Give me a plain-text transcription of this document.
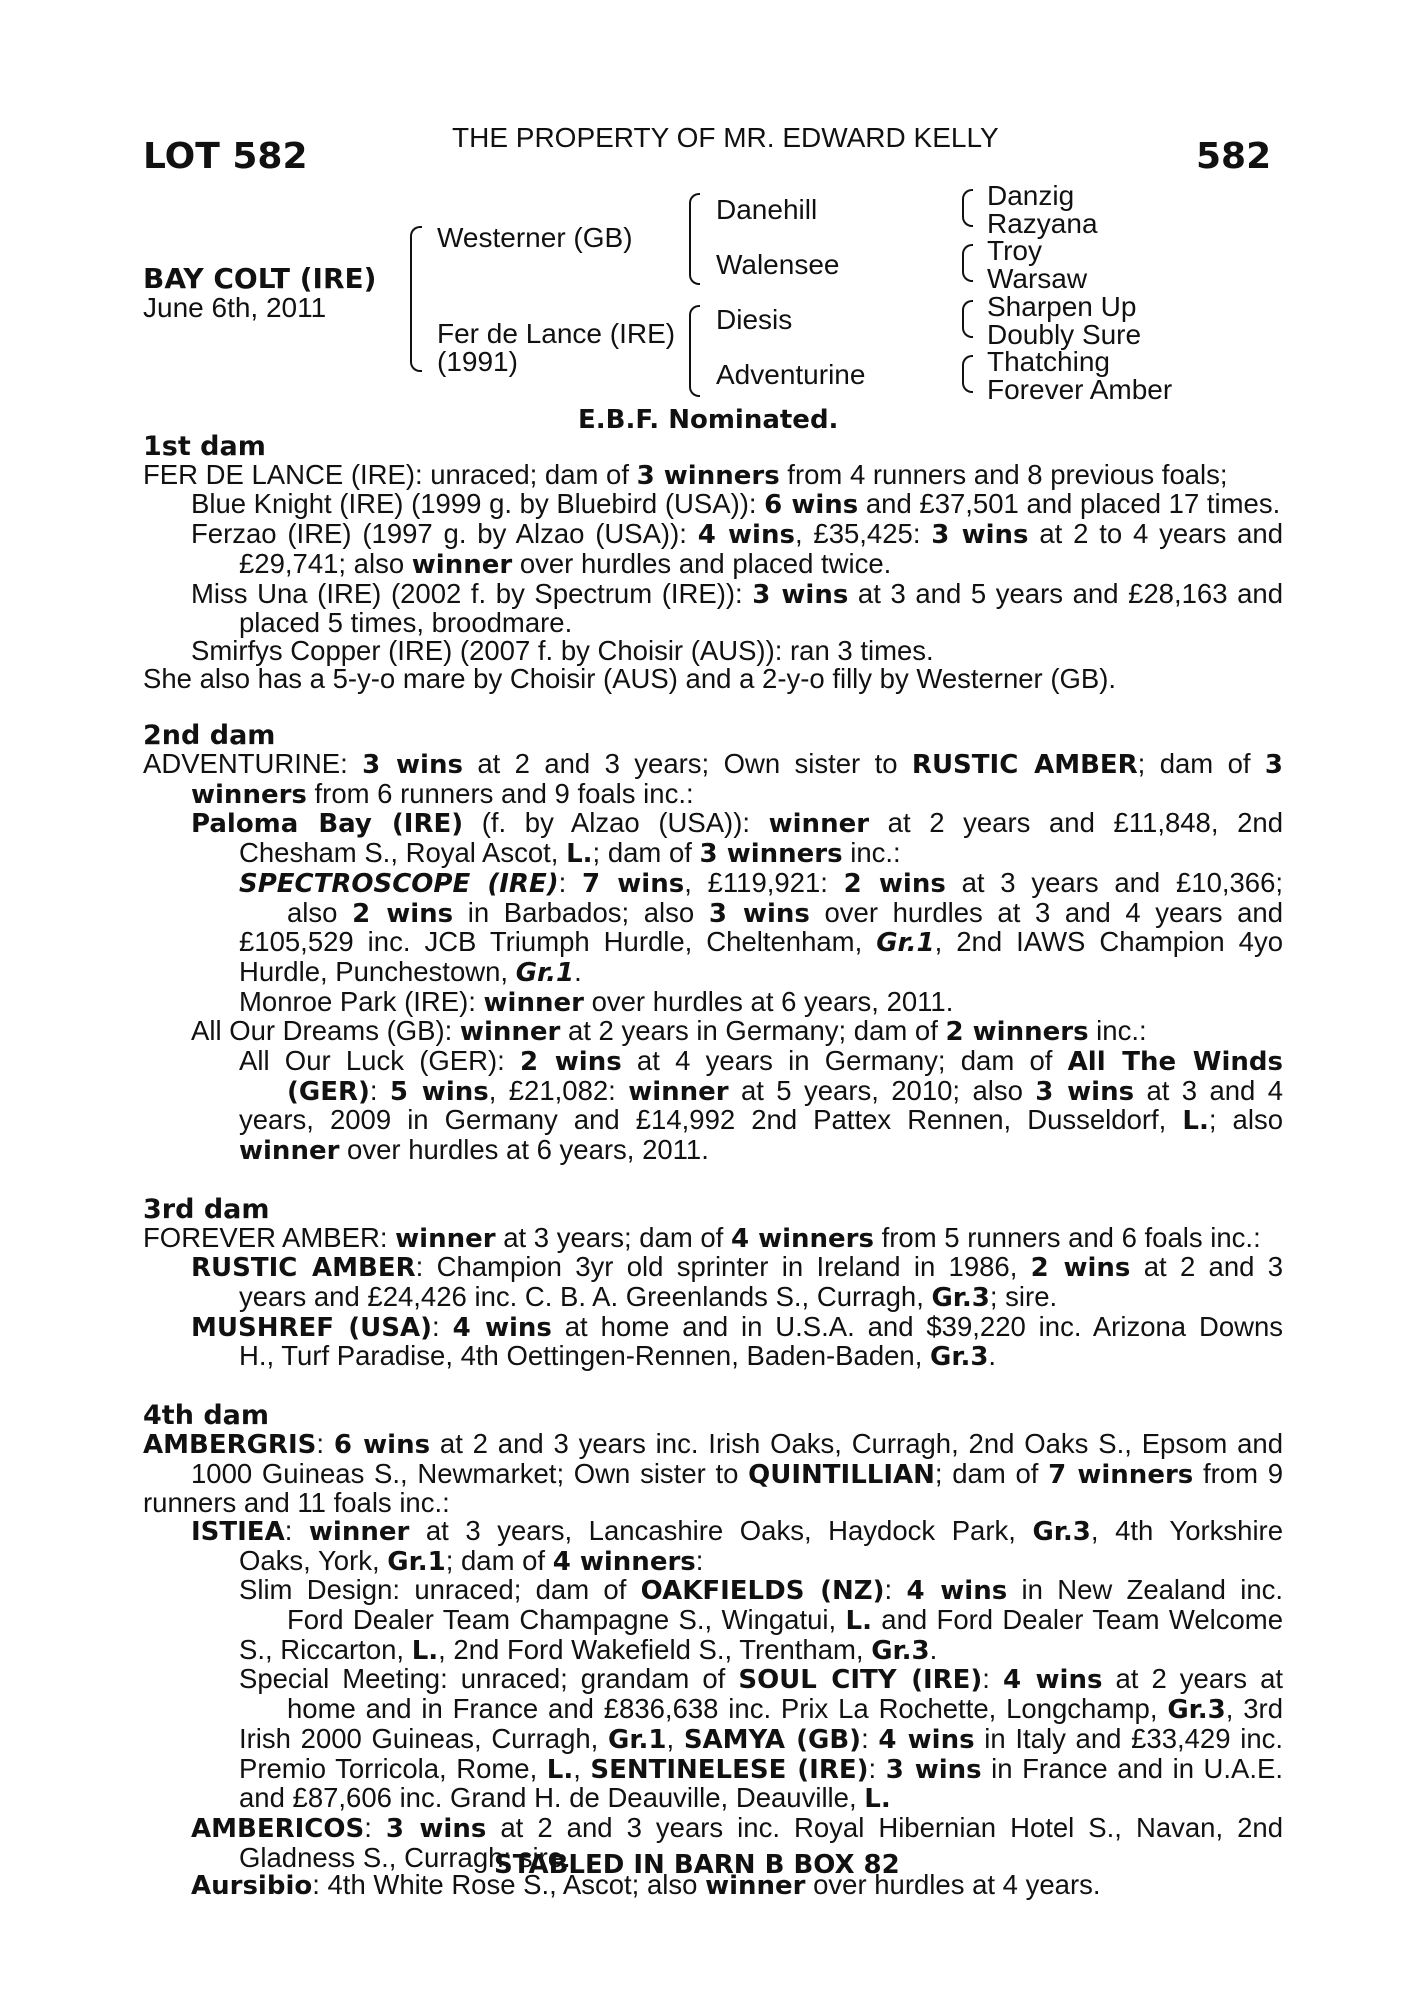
LOT 582	THE PROPERTY OF MR. EDWARD KELLY	582
BAY COLT (IRE)
June 6th, 2011
Westerner (GB)
Fer de Lance (IRE)
(1991)
Danehill
Walensee
Diesis
Adventurine
Danzig
Razyana
Troy
Warsaw
Sharpen Up
Doubly Sure
Thatching
Forever Amber
E.B.F. Nominated.
1st dam
FER DE LANCE (IRE): unraced; dam of 3 winners from 4 runners and 8 previous foals;
Blue Knight (IRE) (1999 g. by Bluebird (USA)): 6 wins and £37,501 and placed 17 times.
Ferzao (IRE) (1997 g. by Alzao (USA)): 4 wins, £35,425: 3 wins at 2 to 4 years and £29,741; also winner over hurdles and placed twice.
Miss Una (IRE) (2002 f. by Spectrum (IRE)): 3 wins at 3 and 5 years and £28,163 and placed 5 times, broodmare.
Smirfys Copper (IRE) (2007 f. by Choisir (AUS)): ran 3 times.
She also has a 5-y-o mare by Choisir (AUS) and a 2-y-o filly by Westerner (GB).
2nd dam
ADVENTURINE: 3 wins at 2 and 3 years; Own sister to RUSTIC AMBER; dam of 3 winners from 6 runners and 9 foals inc.:
Paloma Bay (IRE) (f. by Alzao (USA)): winner at 2 years and £11,848, 2nd Chesham S., Royal Ascot, L.; dam of 3 winners inc.:
SPECTROSCOPE (IRE): 7 wins, £119,921: 2 wins at 3 years and £10,366; also 2 wins in Barbados; also 3 wins over hurdles at 3 and 4 years and £105,529 inc. JCB Triumph Hurdle, Cheltenham, Gr.1, 2nd IAWS Champion 4yo Hurdle, Punchestown, Gr.1.
Monroe Park (IRE): winner over hurdles at 6 years, 2011.
All Our Dreams (GB): winner at 2 years in Germany; dam of 2 winners inc.:
All Our Luck (GER): 2 wins at 4 years in Germany; dam of All The Winds (GER): 5 wins, £21,082: winner at 5 years, 2010; also 3 wins at 3 and 4 years, 2009 in Germany and £14,992 2nd Pattex Rennen, Dusseldorf, L.; also winner over hurdles at 6 years, 2011.
3rd dam
FOREVER AMBER: winner at 3 years; dam of 4 winners from 5 runners and 6 foals inc.:
RUSTIC AMBER: Champion 3yr old sprinter in Ireland in 1986, 2 wins at 2 and 3 years and £24,426 inc. C. B. A. Greenlands S., Curragh, Gr.3; sire.
MUSHREF (USA): 4 wins at home and in U.S.A. and $39,220 inc. Arizona Downs H., Turf Paradise, 4th Oettingen-Rennen, Baden-Baden, Gr.3.
4th dam
AMBERGRIS: 6 wins at 2 and 3 years inc. Irish Oaks, Curragh, 2nd Oaks S., Epsom and 1000 Guineas S., Newmarket; Own sister to QUINTILLIAN; dam of 7 winners from 9 runners and 11 foals inc.:
ISTIEA: winner at 3 years, Lancashire Oaks, Haydock Park, Gr.3, 4th Yorkshire Oaks, York, Gr.1; dam of 4 winners:
Slim Design: unraced; dam of OAKFIELDS (NZ): 4 wins in New Zealand inc. Ford Dealer Team Champagne S., Wingatui, L. and Ford Dealer Team Welcome S., Riccarton, L., 2nd Ford Wakefield S., Trentham, Gr.3.
Special Meeting: unraced; grandam of SOUL CITY (IRE): 4 wins at 2 years at home and in France and £836,638 inc. Prix La Rochette, Longchamp, Gr.3, 3rd Irish 2000 Guineas, Curragh, Gr.1, SAMYA (GB): 4 wins in Italy and £33,429 inc. Premio Torricola, Rome, L., SENTINELESE (IRE): 3 wins in France and in U.A.E. and £87,606 inc. Grand H. de Deauville, Deauville, L.
AMBERICOS: 3 wins at 2 and 3 years inc. Royal Hibernian Hotel S., Navan, 2nd Gladness S., Curragh; sire.
Aursibio: 4th White Rose S., Ascot; also winner over hurdles at 4 years.
STABLED IN BARN B BOX 82
